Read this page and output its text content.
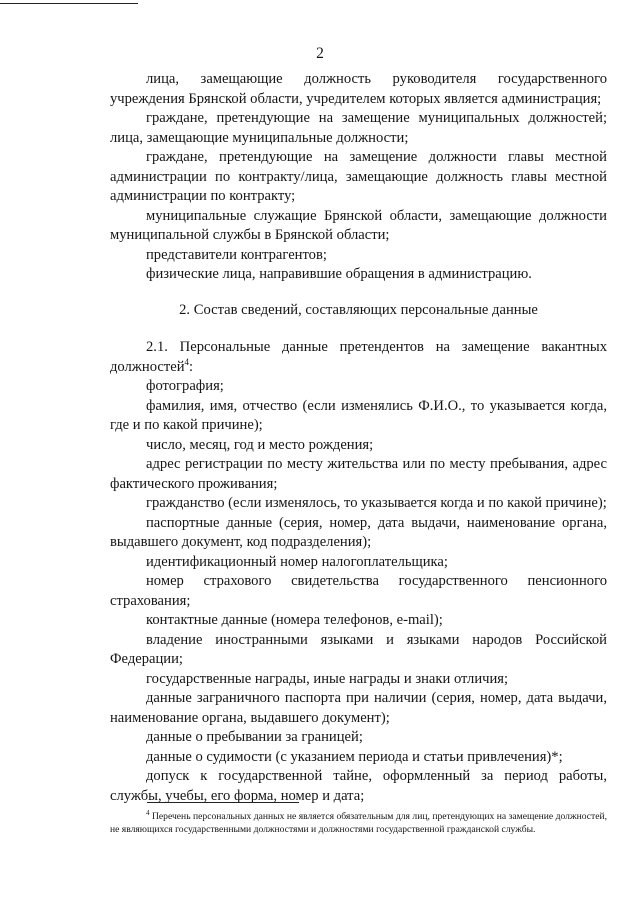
2

лица, замещающие должность руководителя государственного учреждения Брянской области, учредителем которых является администрация;

граждане, претендующие на замещение муниципальных должностей; лица, замещающие муниципальные должности;

граждане, претендующие на замещение должности главы местной администрации по контракту/лица, замещающие должность главы местной администрации по контракту;

муниципальные служащие Брянской области, замещающие должности муниципальной службы в Брянской области;

представители контрагентов;

физические лица, направившие обращения в администрацию.

2. Состав сведений, составляющих персональные данные

2.1. Персональные данные претендентов на замещение вакантных должностей$^4$:

фотография;

фамилия, имя, отчество (если изменялись Ф.И.О., то указывается когда, где и по какой причине);

число, месяц, год и место рождения;

адрес регистрации по месту жительства или по месту пребывания, адрес фактического проживания;

гражданство (если изменялось, то указывается когда и по какой причине);

паспортные данные (серия, номер, дата выдачи, наименование органа, выдавшего документ, код подразделения);

идентификационный номер налогоплательщика;

номер страхового свидетельства государственного пенсионного страхования;

контактные данные (номера телефонов, e-mail);

владение иностранными языками и языками народов Российской Федерации;

государственные награды, иные награды и знаки отличия;

данные заграничного паспорта при наличии (серия, номер, дата выдачи, наименование органа, выдавшего документ);

данные о пребывании за границей;

данные о судимости (с указанием периода и статьи привлечения)*;

допуск к государственной тайне, оформленный за период работы, службы, учебы, его форма, номер и дата;

$^4$ Перечень персональных данных не является обязательным для лиц, претендующих на замещение должностей, не являющихся государственными должностями и должностями государственной гражданской службы.
